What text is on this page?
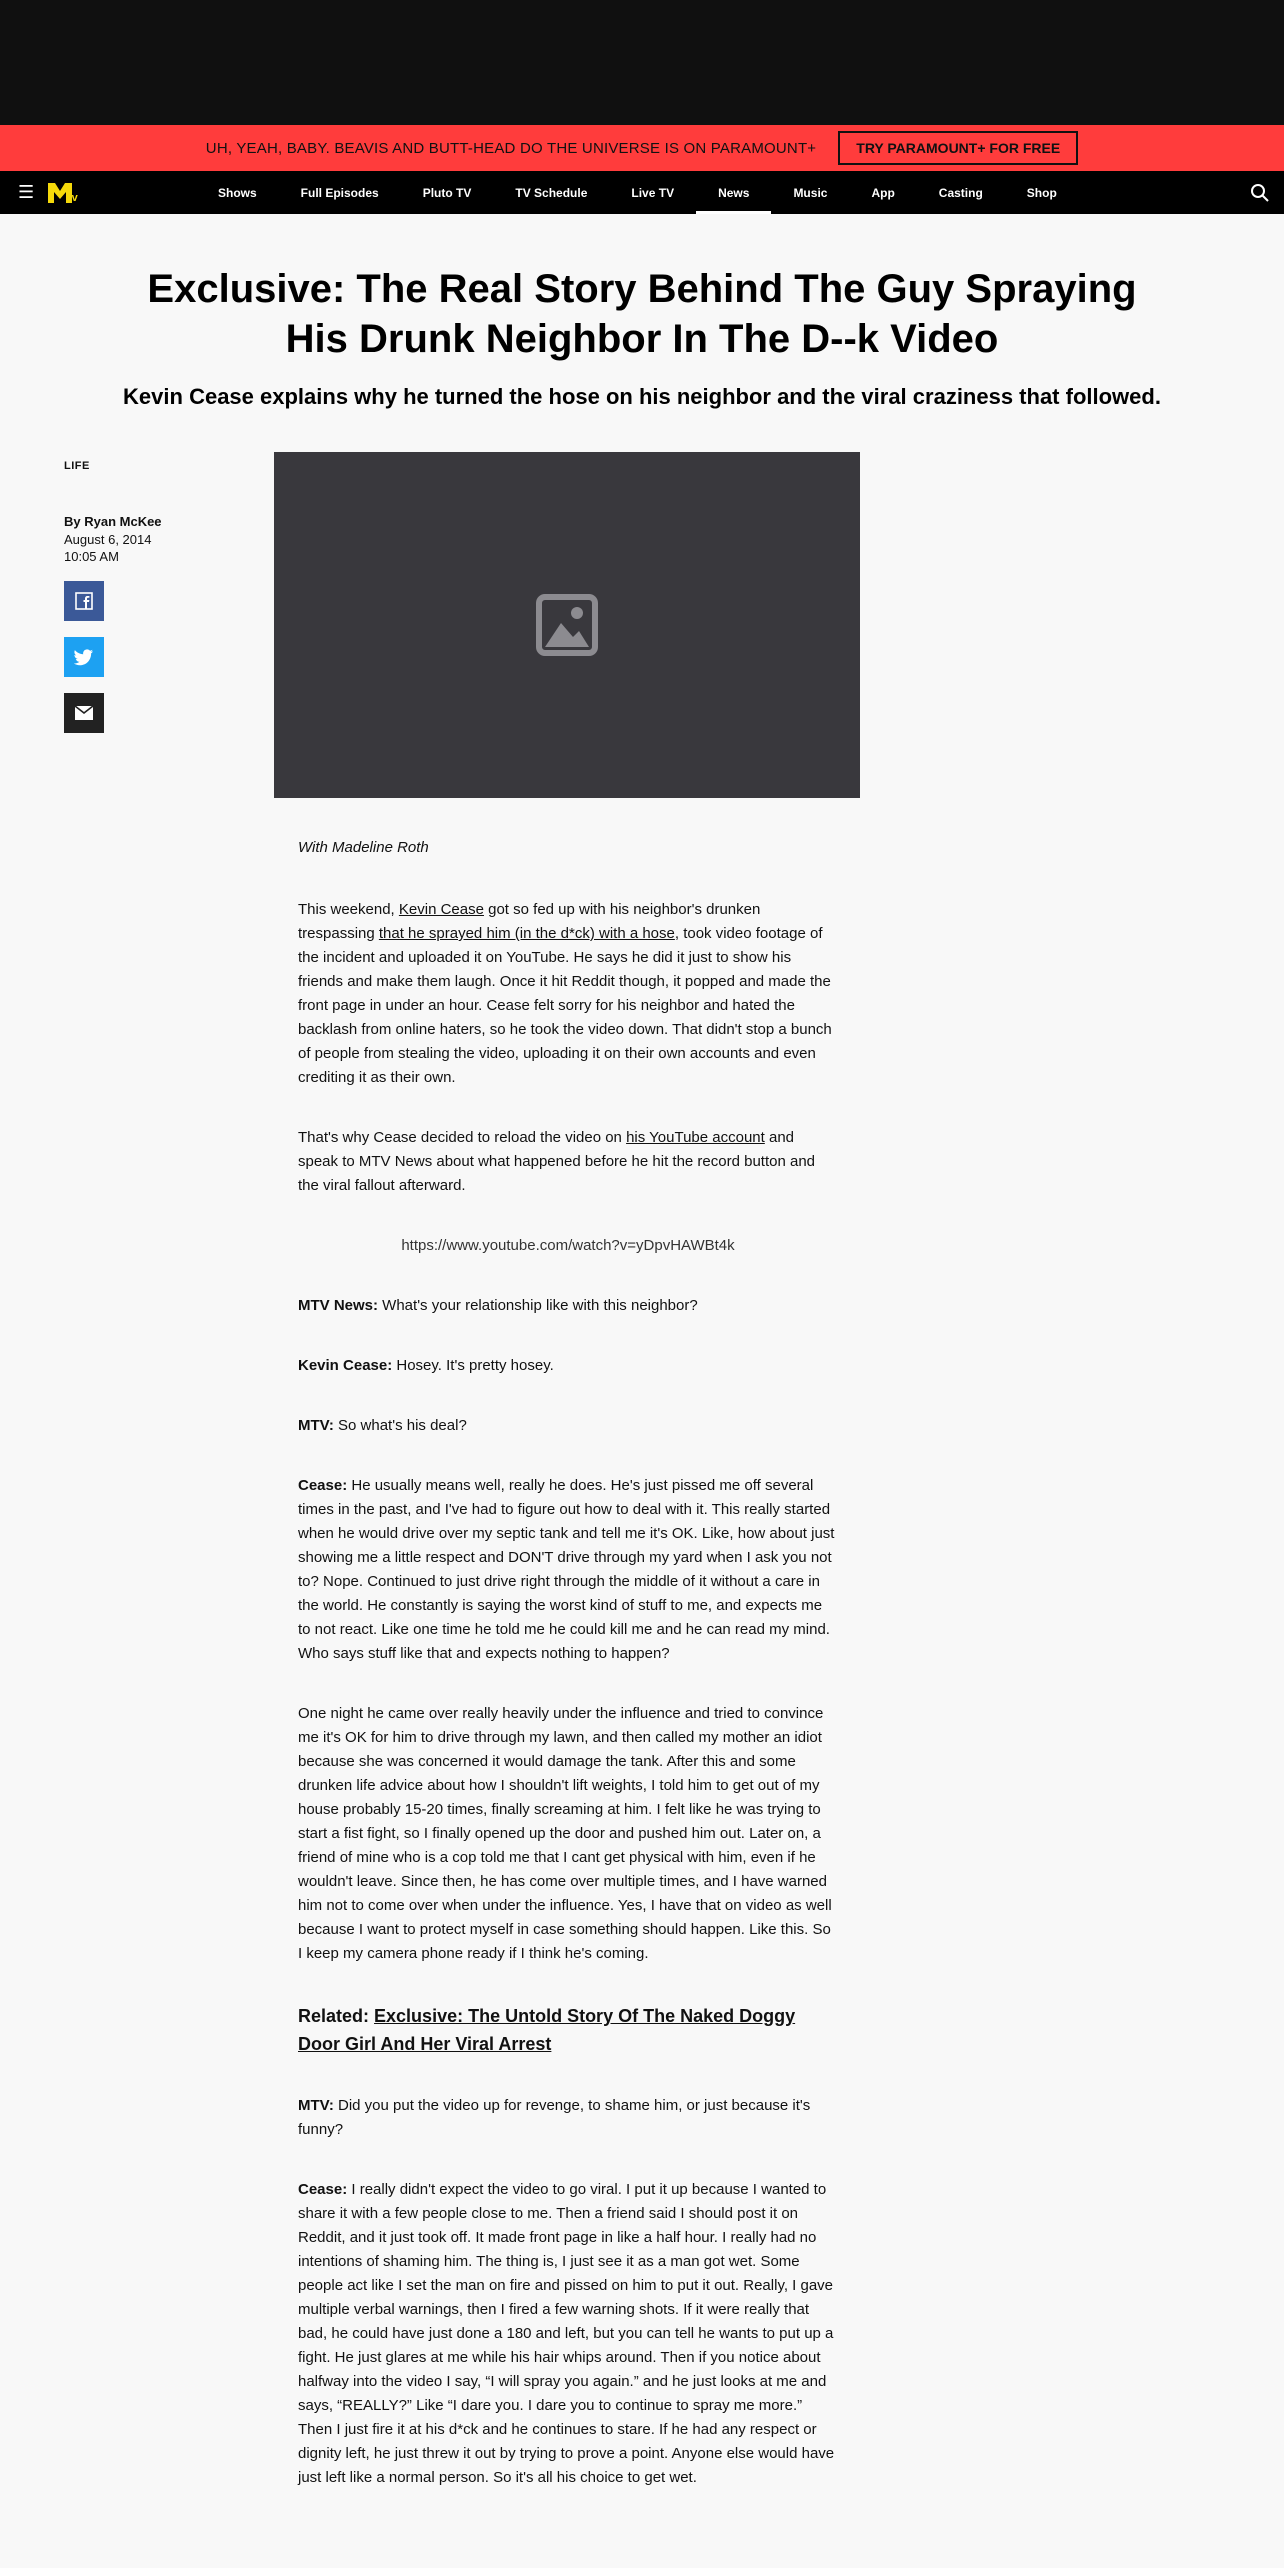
UH, YEAH, BABY. BEAVIS AND BUTT-HEAD DO THE UNIVERSE IS ON PARAMOUNT+	TRY PARAMOUNT+ FOR FREE
☰	tv	Shows	Full Episodes	Pluto TV	TV Schedule	Live TV	News	Music	App	Casting	Shop
Exclusive: The Real Story Behind The Guy Spraying His Drunk Neighbor In The D--k Video
Kevin Cease explains why he turned the hose on his neighbor and the viral craziness that followed.
LIFE
By Ryan McKee
August 6, 2014
10:05 AM

With Madeline Roth

This weekend, Kevin Cease got so fed up with his neighbor's drunken trespassing that he sprayed him (in the d*ck) with a hose, took video footage of the incident and uploaded it on YouTube. He says he did it just to show his friends and make them laugh. Once it hit Reddit though, it popped and made the front page in under an hour. Cease felt sorry for his neighbor and hated the backlash from online haters, so he took the video down. That didn't stop a bunch of people from stealing the video, uploading it on their own accounts and even crediting it as their own.

That's why Cease decided to reload the video on his YouTube account and speak to MTV News about what happened before he hit the record button and the viral fallout afterward.

https://www.youtube.com/watch?v=yDpvHAWBt4k

MTV News: What's your relationship like with this neighbor?

Kevin Cease: Hosey. It's pretty hosey.

MTV: So what's his deal?

Cease: He usually means well, really he does. He's just pissed me off several times in the past, and I've had to figure out how to deal with it. This really started when he would drive over my septic tank and tell me it's OK. Like, how about just showing me a little respect and DON'T drive through my yard when I ask you not to? Nope. Continued to just drive right through the middle of it without a care in the world. He constantly is saying the worst kind of stuff to me, and expects me to not react. Like one time he told me he could kill me and he can read my mind. Who says stuff like that and expects nothing to happen?

One night he came over really heavily under the influence and tried to convince me it's OK for him to drive through my lawn, and then called my mother an idiot because she was concerned it would damage the tank. After this and some drunken life advice about how I shouldn't lift weights, I told him to get out of my house probably 15-20 times, finally screaming at him. I felt like he was trying to start a fist fight, so I finally opened up the door and pushed him out. Later on, a friend of mine who is a cop told me that I cant get physical with him, even if he wouldn't leave. Since then, he has come over multiple times, and I have warned him not to come over when under the influence. Yes, I have that on video as well because I want to protect myself in case something should happen. Like this. So I keep my camera phone ready if I think he's coming.

Related: Exclusive: The Untold Story Of The Naked Doggy Door Girl And Her Viral Arrest

MTV: Did you put the video up for revenge, to shame him, or just because it's funny?

Cease: I really didn't expect the video to go viral. I put it up because I wanted to share it with a few people close to me. Then a friend said I should post it on Reddit, and it just took off. It made front page in like a half hour. I really had no intentions of shaming him. The thing is, I just see it as a man got wet. Some people act like I set the man on fire and pissed on him to put it out. Really, I gave multiple verbal warnings, then I fired a few warning shots. If it were really that bad, he could have just done a 180 and left, but you can tell he wants to put up a fight. He just glares at me while his hair whips around. Then if you notice about halfway into the video I say, “I will spray you again.” and he just looks at me and says, “REALLY?” Like “I dare you. I dare you to continue to spray me more.” Then I just fire it at his d*ck and he continues to stare. If he had any respect or dignity left, he just threw it out by trying to prove a point. Anyone else would have just left like a normal person. So it's all his choice to get wet.
